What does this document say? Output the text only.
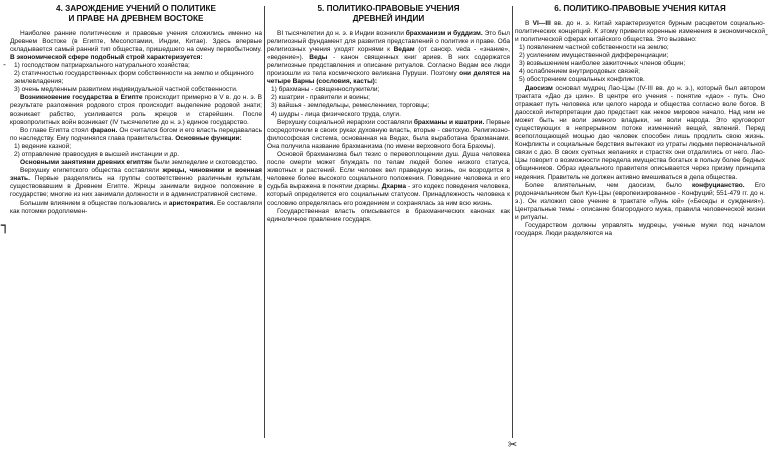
4. ЗАРОЖДЕНИЕ УЧЕНИЙ О ПОЛИТИКЕ
И ПРАВЕ НА ДРЕВНЕМ ВОСТОКЕ

Наиболее ранние политические и правовые учения сложились именно на Древнем Востоке (в Египте, Месопотамии, Индии, Китае). Здесь впервые складывается самый ранний тип общества, пришедшего на смену первобытному. В экономической сфере подобный строй характеризуется:

1) господством патриархального натурального хозяйства;

2) статичностью государственных форм собственности на землю и общинного землевладения;

3) очень медленным развитием индивидуальной частной собственности.

Возникновение государства в Египте происходит примерно в V в. до н. э. В результате разложения родового строя происходит выделение родовой знати; возникает рабство, усиливается роль жрецов и старейшин. После кровопролитных войн возникает (IV тысячелетие до н. э.) единое государство.

Во главе Египта стоял фараон. Он считался богом и его власть передавалась по наследству. Ему подчинялся глава правительства. Основные функции:

1) ведение казной;

2) отправление правосудия в высшей инстанции и др.

Основными занятиями древних египтян были земледелие и скотоводство.

Верхушку египетского общества составляли жрецы, чиновники и военная знать. Первые разделялись на группы соответственно различным культам, существовавшим в Древнем Египте. Жрецы занимали видное положение в государстве; многие из них занимали должности и в административной системе.

Большим влиянием в обществе пользовались и аристократия. Ее составляли как потомки родоплемен-

5. ПОЛИТИКО-ПРАВОВЫЕ УЧЕНИЯ
ДРЕВНЕЙ ИНДИИ

ВI тысячелетии до н. э. в Индии возникли брахманизм и буддизм. Это был религиозный фундамент для развития представлений о политике и праве. Оба религиозных учения уходят корнями к Ведам (от санскр. veda - «знание», «ведение»). Веды - канон священных книг ариев. В них содержатся религиозные представления и описание ритуалов. Согласно Ведам все люди произошли из тела космического великана Пуруши. Поэтому они делятся на четыре Варны (сословия, касты):

1) брахманы - священнослужители;

2) кшатрии - правители и воины;

3) вайшья - земледельцы, ремесленники, торговцы;

4) шудры - лица физического труда, слуги.

Верхушку социальной иерархии составляли брахманы и кшатрии. Первые сосредоточили в своих руках духовную власть, вторые - светскую. Религиозно-философская система, основанная на Ведах, была выработана брахманами. Она получила название брахманизма (по имени верховного бога Брахмы).

Основой брахманизма был тезис о перевоплощении душ. Душа человека после смерти может блуждать по телам людей более низкого статуса, животных и растений. Если человек вел праведную жизнь, он возродится в человеке более высокого социального положения. Поведение человека и его судьба выражена в понятии дхармы. Дхарма - это кодекс поведения человека, который определяется его социальным статусом. Принадлежность человека к сословию определялась его рождением и сохранялась за ним всю жизнь.

Государственная власть описывается в брахманических канонах как единоличное правление государя.

6. ПОЛИТИКО-ПРАВОВЫЕ УЧЕНИЯ КИТАЯ

В VI—III вв. до н. э. Китай характеризуется бурным расцветом социально-политических концепций. К этому привели коренные изменения в экономической и политической сферах китайского общества. Это вызвано:

1) появлением частной собственности на землю;

2) усилением имущественной дифференциации;

3) возвышением наиболее зажиточных членов общин;

4) ослаблением внутриродовых связей;

5) обострением социальных конфликтов.

Даосизм основал мудрец Лао-Цзы (IV-III вв. до н. э.), который был автором трактата «Дао дэ цзин». В центре его учения - понятие «дао» - путь. Оно отражает путь человека или целого народа и общества согласно воле богов. В даосской интерпретации дао предстает как некое мировое начало. Над ним не может быть ни воли земного владыки, ни воли народа. Это круговорот существующих в непрерывном потоке изменений вещей, явлений. Перед всепоглощающей мощью дао человек способен лишь продлить свою жизнь. Конфликты и социальные бедствия вытекают из утраты людьми первоначальной связи с дао. В своих суетных желаниях и страстях они отдалились от него. Лао-Цзы говорит о возможности передела имущества богатых в пользу более бедных общинников. Образ идеального правителя описывается через призму принципа недеяния. Правитель не должен активно вмешиваться в дела общества.

Более влиятельным, чем даосизм, было конфуцианство. Его родоначальником был Кун-Цзы (европеизированное - Конфуций; 551-479 гг. до н. э.). Он изложил свое учение в трактате «Лунь юй» («Беседы и суждения»). Центральные темы - описание благородного мужа, правила человеческой жизни и ритуалы.

Государством должны управлять мудрецы, ученые мужи под началом государя. Люди разделяются на

┐
✂
-
-
